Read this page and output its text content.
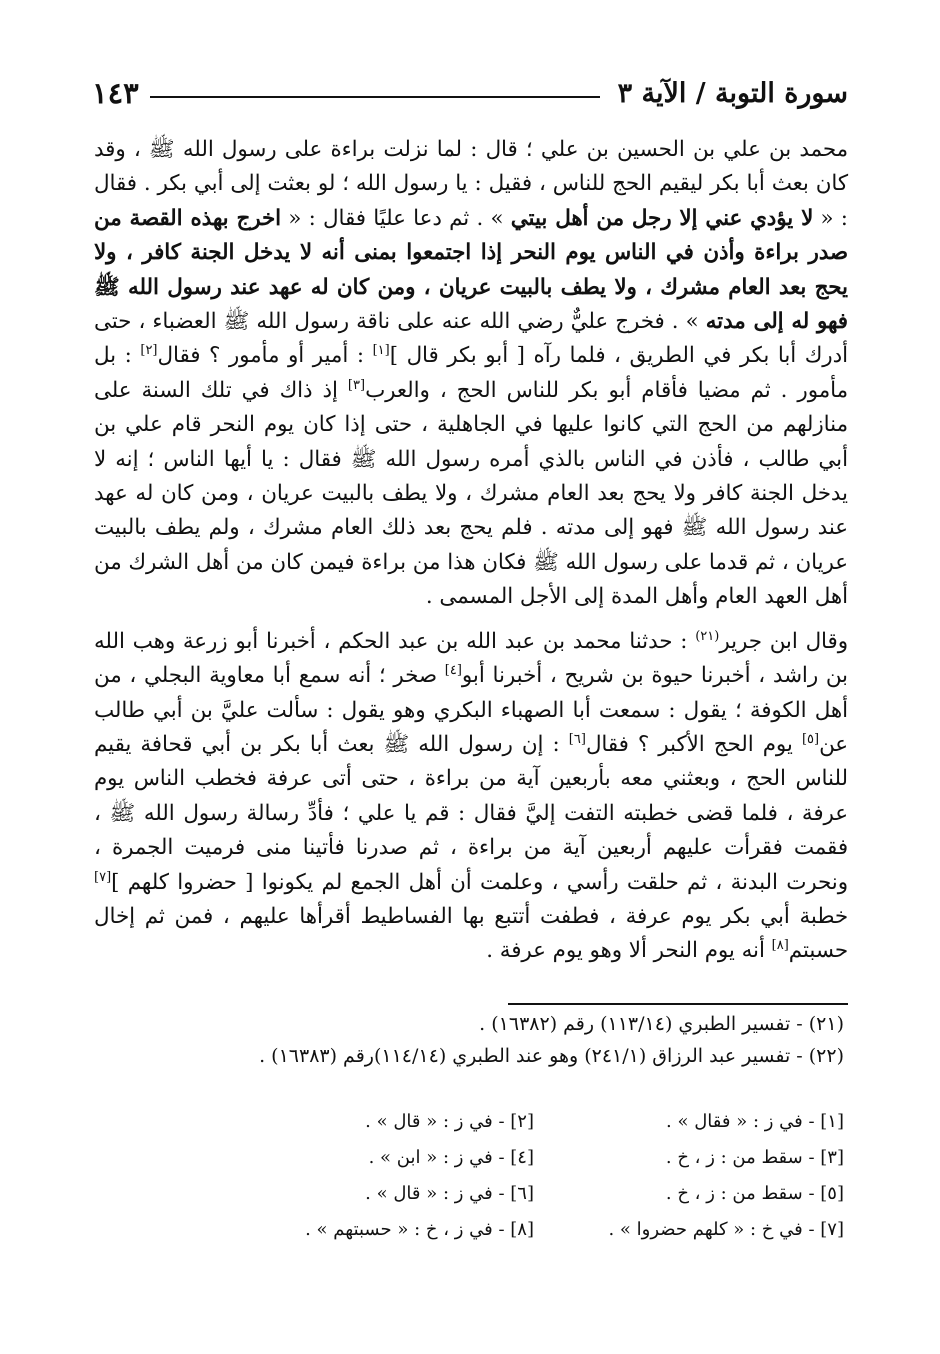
سورة التوبة / الآية ٣
١٤٣

محمد بن علي بن الحسين بن علي ؛ قال : لما نزلت براءة على رسول الله ﷺ ، وقد كان بعث أبا بكر ليقيم الحج للناس ، فقيل : يا رسول الله ؛ لو بعثت إلى أبي بكر . فقال : « لا يؤدي عني إلا رجل من أهل بيتي » . ثم دعا عليًا فقال : « اخرج بهذه القصة من صدر براءة وأذن في الناس يوم النحر إذا اجتمعوا بمنى أنه لا يدخل الجنة كافر ، ولا يحج بعد العام مشرك ، ولا يطف بالبيت عريان ، ومن كان له عهد عند رسول الله ﷺ فهو له إلى مدته » . فخرج عليٌّ رضي الله عنه على ناقة رسول الله ﷺ العضباء ، حتى أدرك أبا بكر في الطريق ، فلما رآه [ أبو بكر قال ][١] : أمير أو مأمور ؟ فقال[٢] : بل مأمور . ثم مضيا فأقام أبو بكر للناس الحج ، والعرب[٣] إذ ذاك في تلك السنة على منازلهم من الحج التي كانوا عليها في الجاهلية ، حتى إذا كان يوم النحر قام علي بن أبي طالب ، فأذن في الناس بالذي أمره رسول الله ﷺ فقال : يا أيها الناس ؛ إنه لا يدخل الجنة كافر ولا يحج بعد العام مشرك ، ولا يطف بالبيت عريان ، ومن كان له عهد عند رسول الله ﷺ فهو إلى مدته . فلم يحج بعد ذلك العام مشرك ، ولم يطف بالبيت عريان ، ثم قدما على رسول الله ﷺ فكان هذا من براءة فيمن كان من أهل الشرك من أهل العهد العام وأهل المدة إلى الأجل المسمى .

وقال ابن جرير$^{(٢١)}$ : حدثنا محمد بن عبد الله بن عبد الحكم ، أخبرنا أبو زرعة وهب الله بن راشد ، أخبرنا حيوة بن شريح ، أخبرنا أبو[٤] صخر ؛ أنه سمع أبا معاوية البجلي ، من أهل الكوفة ؛ يقول : سمعت أبا الصهباء البكري وهو يقول : سألت عليَّ بن أبي طالب عن[٥] يوم الحج الأكبر ؟ فقال[٦] : إن رسول الله ﷺ بعث أبا بكر بن أبي قحافة يقيم للناس الحج ، وبعثني معه بأربعين آية من براءة ، حتى أتى عرفة فخطب الناس يوم عرفة ، فلما قضى خطبته التفت إليَّ فقال : قم يا علي ؛ فأدِّ رسالة رسول الله ﷺ ، فقمت فقرأت عليهم أربعين آية من براءة ، ثم صدرنا فأتينا منى فرميت الجمرة ، ونحرت البدنة ، ثم حلقت رأسي ، وعلمت أن أهل الجمع لم يكونوا [ حضروا كلهم ][٧] خطبة أبي بكر يوم عرفة ، فطفت أتتبع بها الفساطيط أقرأها عليهم ، فمن ثم إخال حسبتم[٨] أنه يوم النحر ألا وهو يوم عرفة .

(٢١) - تفسير الطبري (١١٣/١٤) رقم (١٦٣٨٢) .
(٢٢) - تفسير عبد الرزاق (٢٤١/١) وهو عند الطبري (١١٤/١٤)رقم (١٦٣٨٣) .
[١] - في ز : « فقال » .
[٢] - في ز : « قال » .
[٣] - سقط من : ز ، خ .
[٤] - في ز : « ابن » .
[٥] - سقط من : ز ، خ .
[٦] - في ز : « قال » .
[٧] - في خ : « كلهم حضروا » .
[٨] - في ز ، خ : « حسبتهم » .
